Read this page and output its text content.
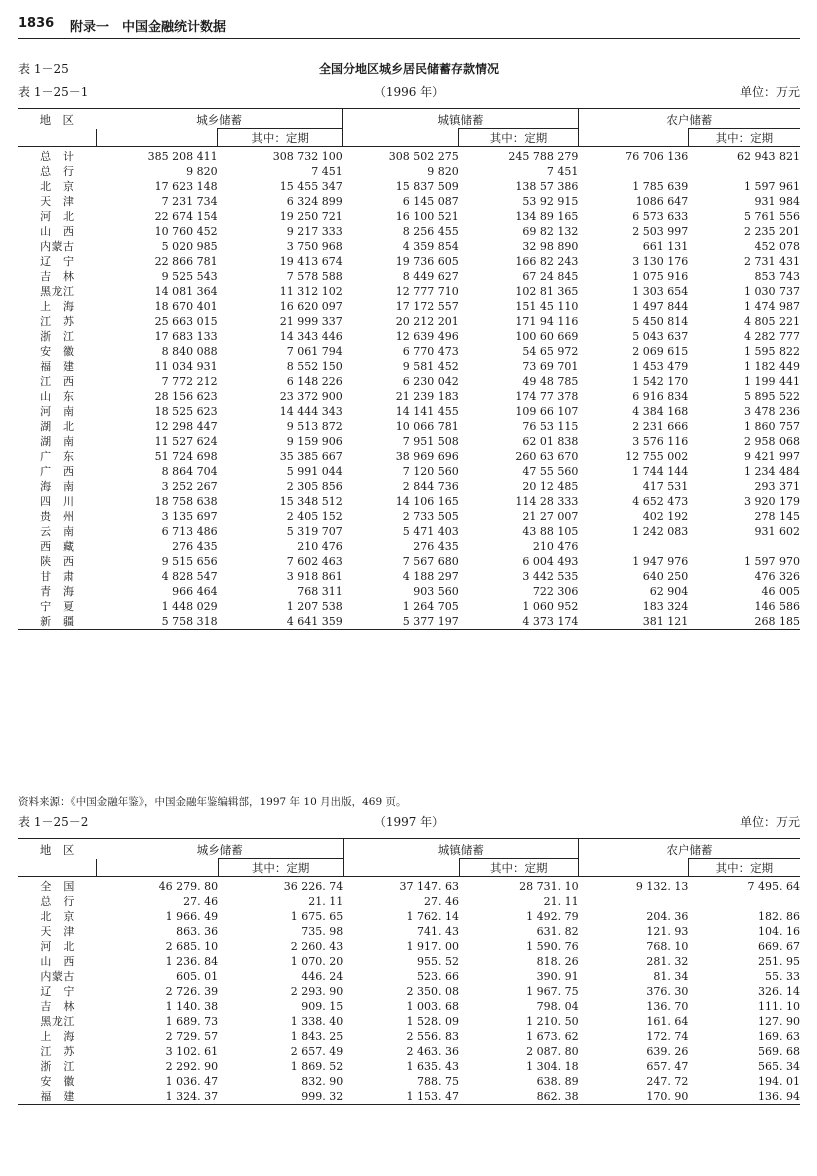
1836 附录一　中国金融统计数据
表 1－25	全国分地区城乡居民储蓄存款情况
表 1－25－1	（1996 年）	单位：万元
地　区	城乡储蓄		城镇储蓄		农户储蓄	
		其中：定期		其中：定期		其中：定期
总计	385 208 411	308 732 100	308 502 275	245 788 279	76 706 136	62 943 821
总行	9 820	7 451	9 820	7 451		
北京	17 623 148	15 455 347	15 837 509	138 57 386	1 785 639	1 597 961
天津	7 231 734	6 324 899	6 145 087	53 92 915	1086 647	931 984
河北	22 674 154	19 250 721	16 100 521	134 89 165	6 573 633	5 761 556
山西	10 760 452	9 217 333	8 256 455	69 82 132	2 503 997	2 235 201
内蒙古	5 020 985	3 750 968	4 359 854	32 98 890	661 131	452 078
辽宁	22 866 781	19 413 674	19 736 605	166 82 243	3 130 176	2 731 431
吉林	9 525 543	7 578 588	8 449 627	67 24 845	1 075 916	853 743
黑龙江	14 081 364	11 312 102	12 777 710	102 81 365	1 303 654	1 030 737
上海	18 670 401	16 620 097	17 172 557	151 45 110	1 497 844	1 474 987
江苏	25 663 015	21 999 337	20 212 201	171 94 116	5 450 814	4 805 221
浙江	17 683 133	14 343 446	12 639 496	100 60 669	5 043 637	4 282 777
安徽	8 840 088	7 061 794	6 770 473	54 65 972	2 069 615	1 595 822
福建	11 034 931	8 552 150	9 581 452	73 69 701	1 453 479	1 182 449
江西	7 772 212	6 148 226	6 230 042	49 48 785	1 542 170	1 199 441
山东	28 156 623	23 372 900	21 239 183	174 77 378	6 916 834	5 895 522
河南	18 525 623	14 444 343	14 141 455	109 66 107	4 384 168	3 478 236
湖北	12 298 447	9 513 872	10 066 781	76 53 115	2 231 666	1 860 757
湖南	11 527 624	9 159 906	7 951 508	62 01 838	3 576 116	2 958 068
广东	51 724 698	35 385 667	38 969 696	260 63 670	12 755 002	9 421 997
广西	8 864 704	5 991 044	7 120 560	47 55 560	1 744 144	1 234 484
海南	3 252 267	2 305 856	2 844 736	20 12 485	417 531	293 371
四川	18 758 638	15 348 512	14 106 165	114 28 333	4 652 473	3 920 179
贵州	3 135 697	2 405 152	2 733 505	21 27 007	402 192	278 145
云南	6 713 486	5 319 707	5 471 403	43 88 105	1 242 083	931 602
西藏	276 435	210 476	276 435	210 476		
陕西	9 515 656	7 602 463	7 567 680	6 004 493	1 947 976	1 597 970
甘肃	4 828 547	3 918 861	4 188 297	3 442 535	640 250	476 326
青海	966 464	768 311	903 560	722 306	62 904	46 005
宁夏	1 448 029	1 207 538	1 264 705	1 060 952	183 324	146 586
新疆	5 758 318	4 641 359	5 377 197	4 373 174	381 121	268 185
资料来源：《中国金融年鉴》，中国金融年鉴编辑部，1997 年 10 月出版，469 页。
表 1－25－2	（1997 年）	单位：万元
地　区	城乡储蓄		城镇储蓄		农户储蓄	
		其中：定期		其中：定期		其中：定期
全国	46 279. 80	36 226. 74	37 147. 63	28 731. 10	9 132. 13	7 495. 64
总行	27. 46	21. 11	27. 46	21. 11		
北京	1 966. 49	1 675. 65	1 762. 14	1 492. 79	204. 36	182. 86
天津	863. 36	735. 98	741. 43	631. 82	121. 93	104. 16
河北	2 685. 10	2 260. 43	1 917. 00	1 590. 76	768. 10	669. 67
山西	1 236. 84	1 070. 20	955. 52	818. 26	281. 32	251. 95
内蒙古	605. 01	446. 24	523. 66	390. 91	81. 34	55. 33
辽宁	2 726. 39	2 293. 90	2 350. 08	1 967. 75	376. 30	326. 14
吉林	1 140. 38	909. 15	1 003. 68	798. 04	136. 70	111. 10
黑龙江	1 689. 73	1 338. 40	1 528. 09	1 210. 50	161. 64	127. 90
上海	2 729. 57	1 843. 25	2 556. 83	1 673. 62	172. 74	169. 63
江苏	3 102. 61	2 657. 49	2 463. 36	2 087. 80	639. 26	569. 68
浙江	2 292. 90	1 869. 52	1 635. 43	1 304. 18	657. 47	565. 34
安徽	1 036. 47	832. 90	788. 75	638. 89	247. 72	194. 01
福建	1 324. 37	999. 32	1 153. 47	862. 38	170. 90	136. 94
